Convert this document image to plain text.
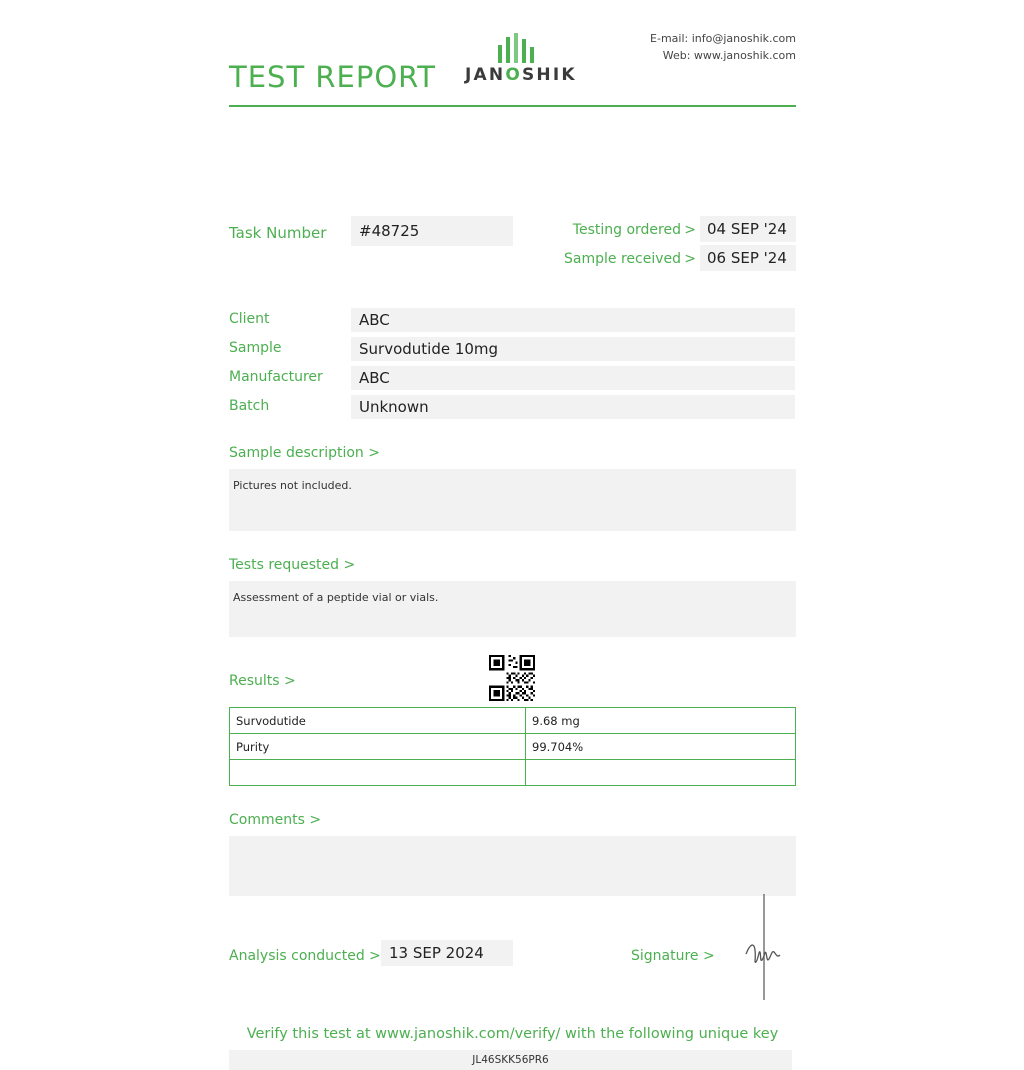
TEST REPORT JANOSHIK
E-mail: info@janoshik.com
Web: www.janoshik.com
Task Number	#48725	Testing ordered > 04 SEP '24
Sample received > 06 SEP '24
Client	ABC
Sample	Survodutide 10mg
Manufacturer	ABC
Batch	Unknown
Sample description >
Pictures not included.
Tests requested >
Assessment of a peptide vial or vials.
Results >
Survodutide	9.68 mg
Purity	99.704%

Comments >
Analysis conducted > 13 SEP 2024	Signature >
Verify this test at www.janoshik.com/verify/ with the following unique key
JL46SKK56PR6
